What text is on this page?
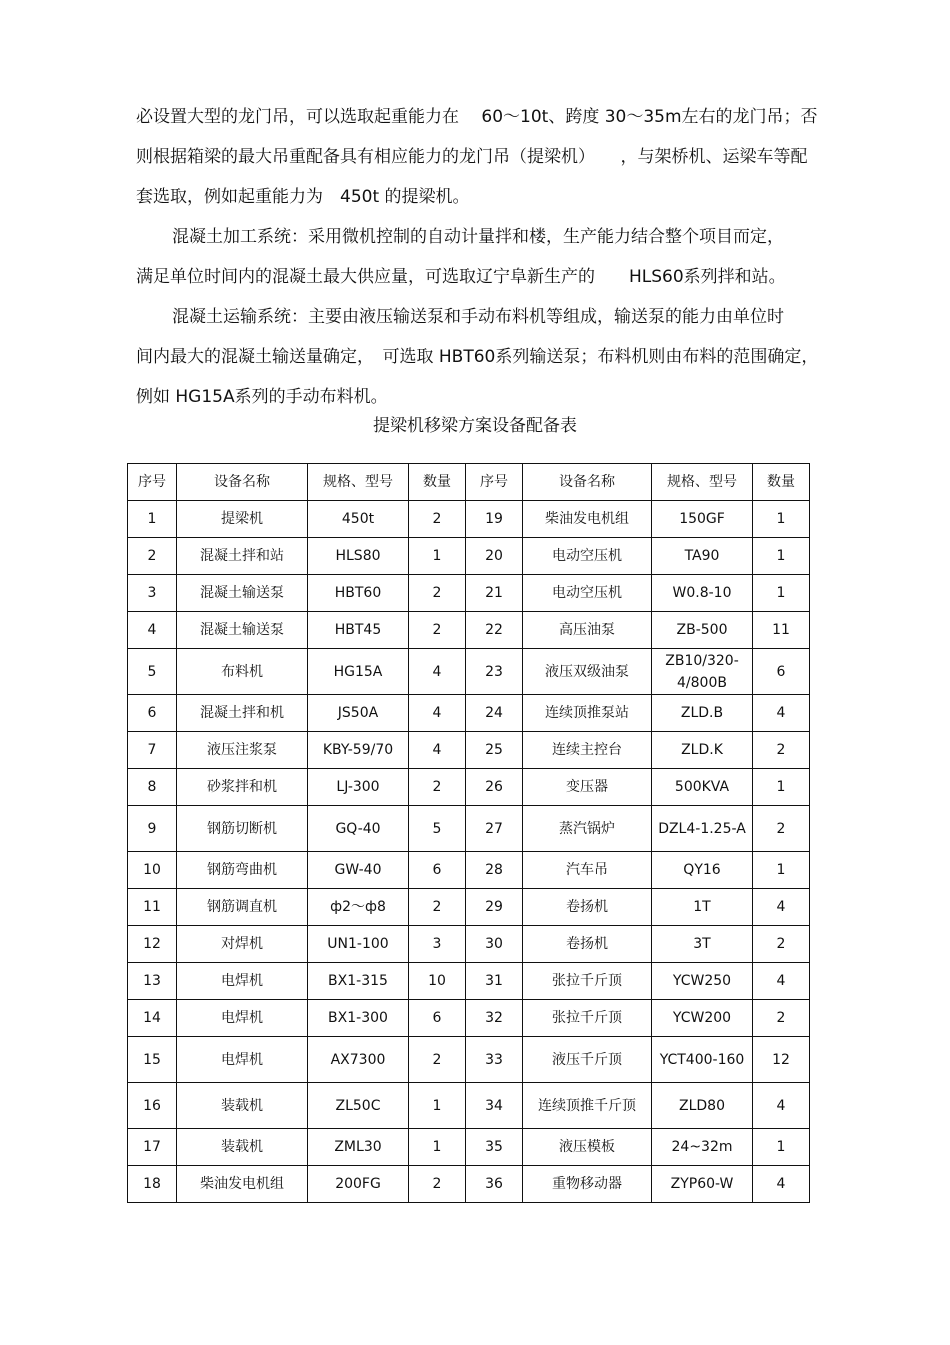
必设置大型的龙门吊，可以选取起重能力在　 60～10t、跨度 30～35m左右的龙门吊；否
则根据箱梁的最大吊重配备具有相应能力的龙门吊（提梁机）　　，与架桥机、运梁车等配
套选取，例如起重能力为　450t 的提梁机。

混凝土加工系统：采用微机控制的自动计量拌和楼，生产能力结合整个项目而定，
满足单位时间内的混凝土最大供应量，可选取辽宁阜新生产的　　HLS60系列拌和站。

混凝土运输系统：主要由液压输送泵和手动布料机等组成，输送泵的能力由单位时
间内最大的混凝土输送量确定，　可选取 HBT60系列输送泵；布料机则由布料的范围确定，
例如 HG15A系列的手动布料机。

提梁机移梁方案设备配备表
序号	设备名称	规格、型号	数量	序号	设备名称	规格、型号	数量
1	提梁机	450t	2	19	柴油发电机组	150GF	1
2	混凝土拌和站	HLS80	1	20	电动空压机	TA90	1
3	混凝土输送泵	HBT60	2	21	电动空压机	W0.8-10	1
4	混凝土输送泵	HBT45	2	22	高压油泵	ZB-500	11
5	布料机	HG15A	4	23	液压双级油泵	ZB10/320-4/800B	6
6	混凝土拌和机	JS50A	4	24	连续顶推泵站	ZLD.B	4
7	液压注浆泵	KBY-59/70	4	25	连续主控台	ZLD.K	2
8	砂浆拌和机	LJ-300	2	26	变压器	500KVA	1
9	钢筋切断机	GQ-40	5	27	蒸汽锅炉	DZL4-1.25-A	2
10	钢筋弯曲机	GW-40	6	28	汽车吊	QY16	1
11	钢筋调直机	ф2～ф8	2	29	卷扬机	1T	4
12	对焊机	UN1-100	3	30	卷扬机	3T	2
13	电焊机	BX1-315	10	31	张拉千斤顶	YCW250	4
14	电焊机	BX1-300	6	32	张拉千斤顶	YCW200	2
15	电焊机	AX7300	2	33	液压千斤顶	YCT400-160	12
16	装载机	ZL50C	1	34	连续顶推千斤顶	ZLD80	4
17	装载机	ZML30	1	35	液压模板	24~32m	1
18	柴油发电机组	200FG	2	36	重物移动器	ZYP60-W	4
